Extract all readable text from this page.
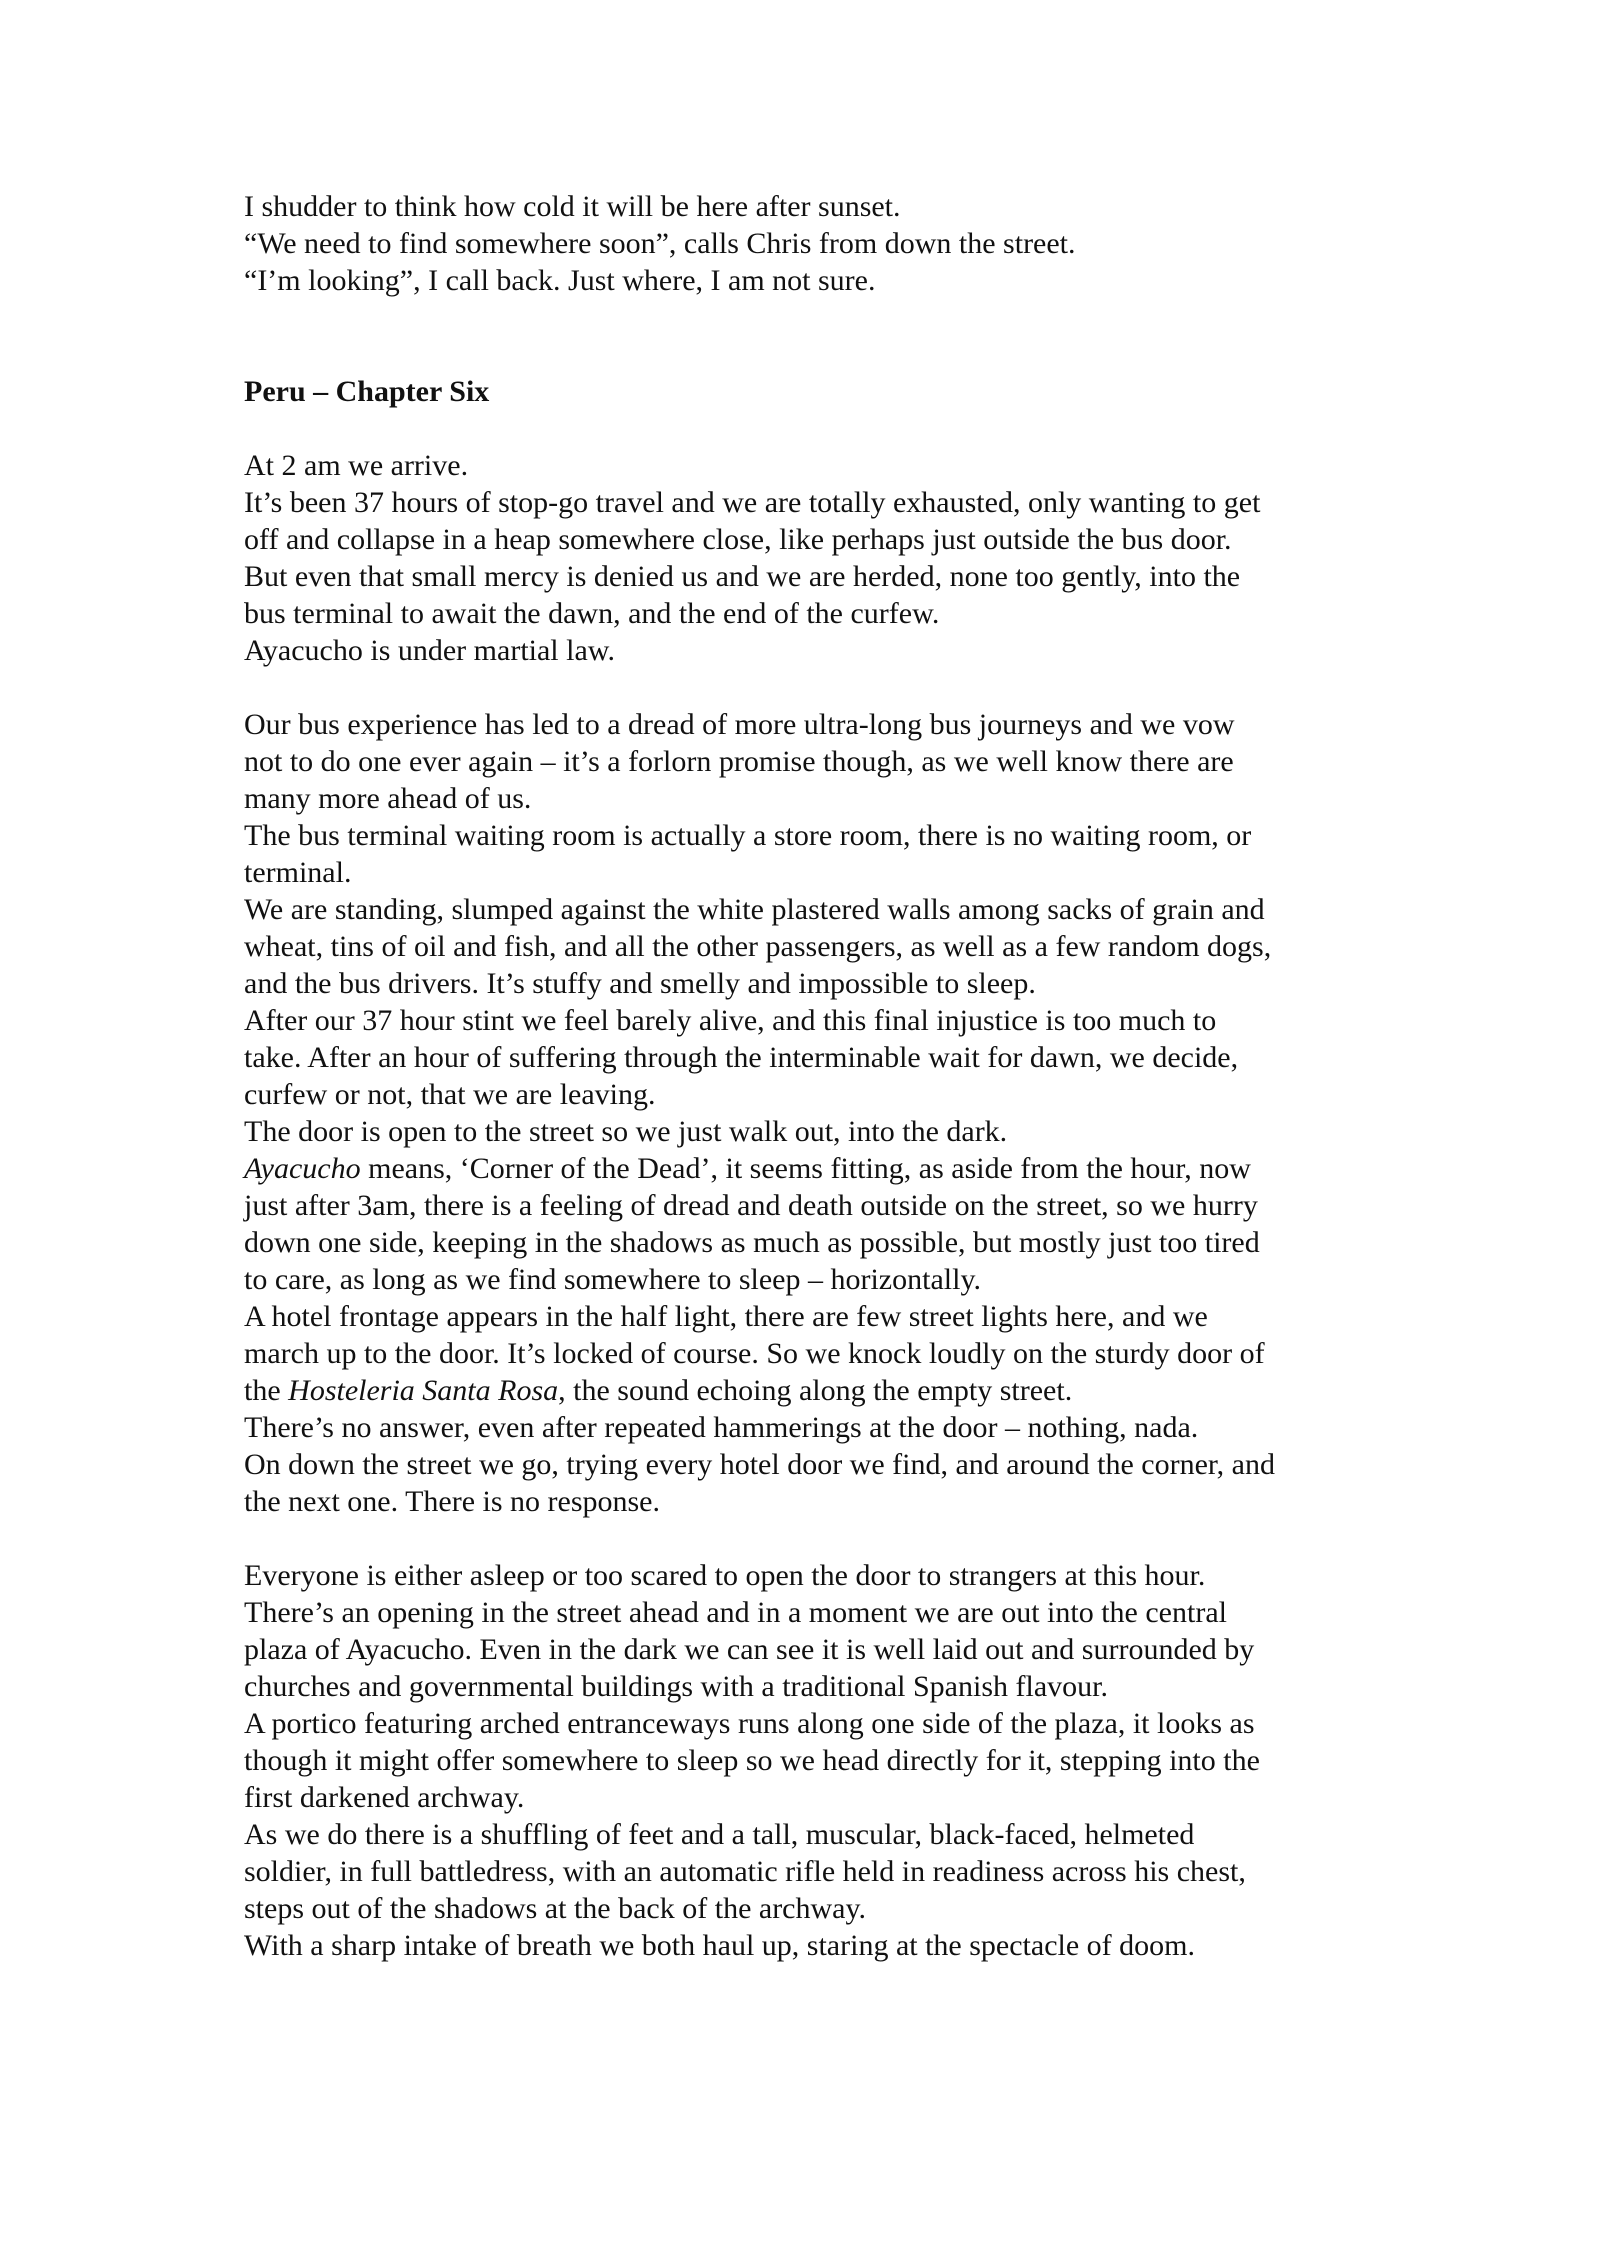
I shudder to think how cold it will be here after sunset.
“We need to find somewhere soon”, calls Chris from down the street.
“I’m looking”, I call back. Just where, I am not sure.
Peru – Chapter Six
At 2 am we arrive.
It’s been 37 hours of stop-go travel and we are totally exhausted, only wanting to get
off and collapse in a heap somewhere close, like perhaps just outside the bus door.
But even that small mercy is denied us and we are herded, none too gently, into the
bus terminal to await the dawn, and the end of the curfew.
Ayacucho is under martial law.
Our bus experience has led to a dread of more ultra-long bus journeys and we vow
not to do one ever again – it’s a forlorn promise though, as we well know there are
many more ahead of us.
The bus terminal waiting room is actually a store room, there is no waiting room, or
terminal.
We are standing, slumped against the white plastered walls among sacks of grain and
wheat, tins of oil and fish, and all the other passengers, as well as a few random dogs,
and the bus drivers. It’s stuffy and smelly and impossible to sleep.
After our 37 hour stint we feel barely alive, and this final injustice is too much to
take. After an hour of suffering through the interminable wait for dawn, we decide,
curfew or not, that we are leaving.
The door is open to the street so we just walk out, into the dark.
Ayacucho means, ‘Corner of the Dead’, it seems fitting, as aside from the hour, now
just after 3am, there is a feeling of dread and death outside on the street, so we hurry
down one side, keeping in the shadows as much as possible, but mostly just too tired
to care, as long as we find somewhere to sleep – horizontally.
A hotel frontage appears in the half light, there are few street lights here, and we
march up to the door. It’s locked of course. So we knock loudly on the sturdy door of
the Hosteleria Santa Rosa, the sound echoing along the empty street.
There’s no answer, even after repeated hammerings at the door – nothing, nada.
On down the street we go, trying every hotel door we find, and around the corner, and
the next one. There is no response.
Everyone is either asleep or too scared to open the door to strangers at this hour.
There’s an opening in the street ahead and in a moment we are out into the central
plaza of Ayacucho. Even in the dark we can see it is well laid out and surrounded by
churches and governmental buildings with a traditional Spanish flavour.
A portico featuring arched entranceways runs along one side of the plaza, it looks as
though it might offer somewhere to sleep so we head directly for it, stepping into the
first darkened archway.
As we do there is a shuffling of feet and a tall, muscular, black-faced, helmeted
soldier, in full battledress, with an automatic rifle held in readiness across his chest,
steps out of the shadows at the back of the archway.
With a sharp intake of breath we both haul up, staring at the spectacle of doom.
